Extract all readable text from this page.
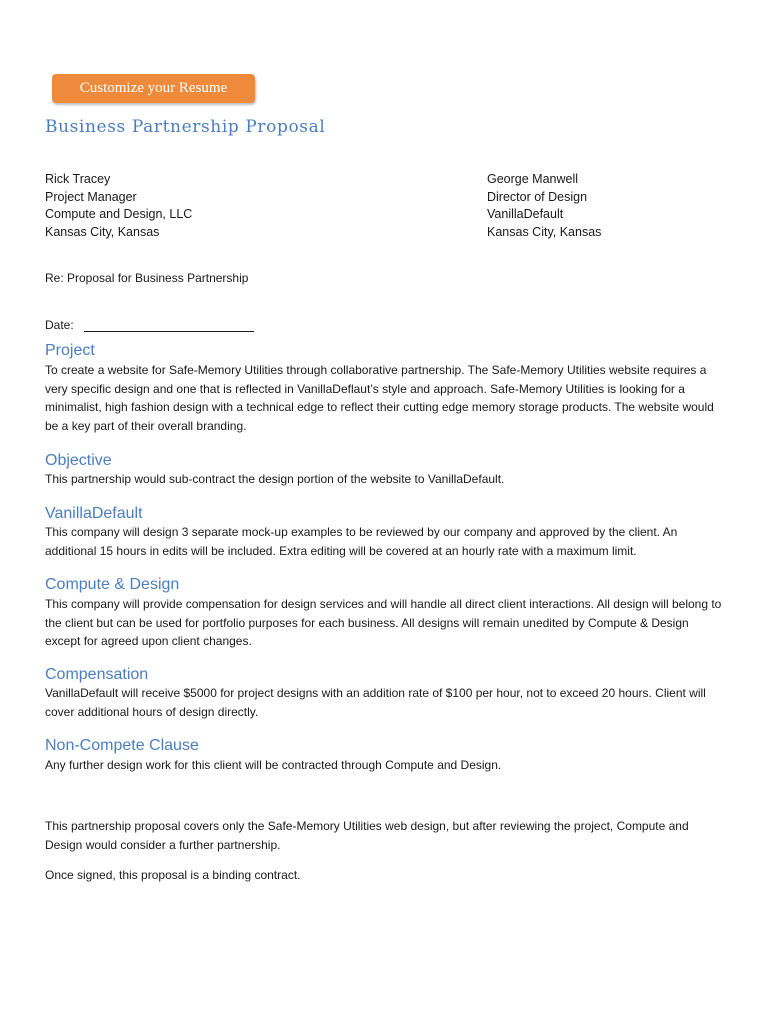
Customize your Resume
Business Partnership Proposal
Rick Tracey
Project Manager
Compute and Design, LLC
Kansas City, Kansas
George Manwell
Director of Design
VanillaDefault
Kansas City, Kansas
Re: Proposal for Business Partnership
Date:
Project

To create a website for Safe-Memory Utilities through collaborative partnership. The Safe-Memory Utilities website requires a very specific design and one that is reflected in VanillaDeflaut’s style and approach. Safe-Memory Utilities is looking for a minimalist, high fashion design with a technical edge to reflect their cutting edge memory storage products. The website would be a key part of their overall branding.

Objective

This partnership would sub-contract the design portion of the website to VanillaDefault.

VanillaDefault

This company will design 3 separate mock-up examples to be reviewed by our company and approved by the client. An additional 15 hours in edits will be included. Extra editing will be covered at an hourly rate with a maximum limit.

Compute & Design

This company will provide compensation for design services and will handle all direct client interactions. All design will belong to the client but can be used for portfolio purposes for each business. All designs will remain unedited by Compute & Design except for agreed upon client changes.

Compensation

VanillaDefault will receive $5000 for project designs with an addition rate of $100 per hour, not to exceed 20 hours. Client will cover additional hours of design directly.

Non-Compete Clause

Any further design work for this client will be contracted through Compute and Design.

This partnership proposal covers only the Safe-Memory Utilities web design, but after reviewing the project, Compute and Design would consider a further partnership.

Once signed, this proposal is a binding contract.
